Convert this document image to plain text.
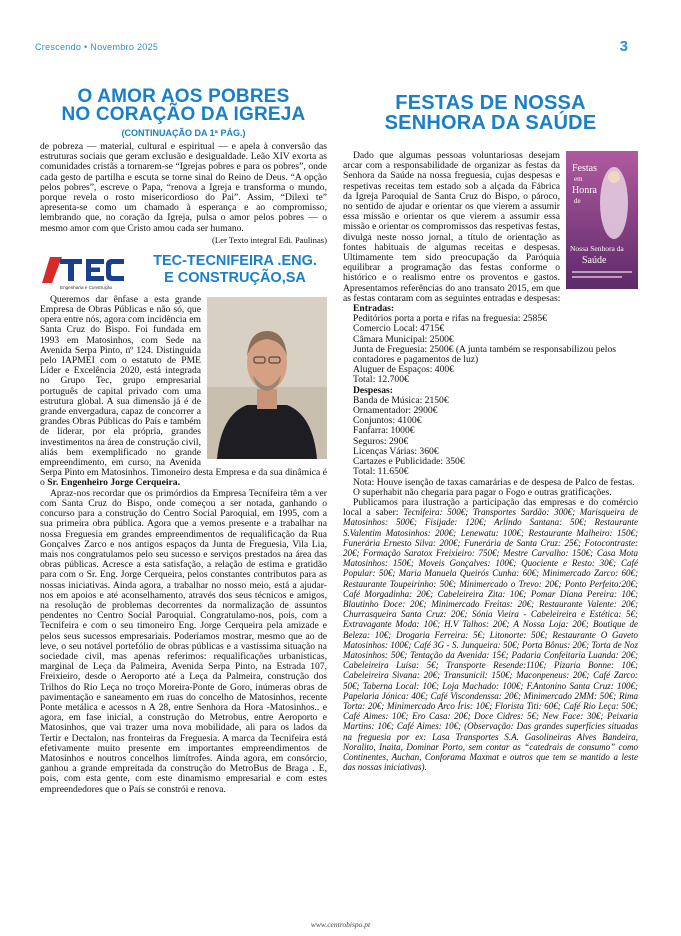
Crescendo • Novembro 2025	3
O AMOR AOS POBRES
NO CORAÇÃO DA IGREJA
(CONTINUAÇÃO DA 1ª PÁG.)

de pobreza — material, cultural e espiritual — e apela à conversão das estruturas sociais que geram exclusão e desigualdade. Leão XIV exorta as comunidades cristãs a tornarem-se “Igrejas pobres e para os pobres”, onde cada gesto de partilha e escuta se torne sinal do Reino de Deus. “A opção pelos pobres”, escreve o Papa, “renova a Igreja e transforma o mundo, porque revela o rosto misericordioso do Pai”. Assim, “Dilexi te” apresenta-se como um chamado à esperança e ao compromisso, lembrando que, no coração da Igreja, pulsa o amor pelos pobres — o mesmo amor com que Cristo amou cada ser humano.

(Ler Texto integral Edi. Paulinas)

Engenharia e Construção
TEC-TECNIFEIRA .ENG.
E CONSTRUÇÃO,SA

Queremos dar ênfase a esta grande Empresa de Obras Públicas e não só, que opera entre nós, agora com incidência em Santa Cruz do Bispo. Foi fundada em 1993 em Matosinhos, com Sede na Avenida Serpa Pinto, nº 124. Distinguida pelo IAPMEI com o estatuto de PME Líder e Excelência 2020, está integrada no Grupo Tec, grupo empresarial português de capital privado com uma estrutura global. A sua dimensão já é de grande envergadura, capaz de concorrer a grandes Obras Públicas do País e também de liderar, por ela própria, grandes investimentos na área de construção civil, aliás bem exemplificado no grande empreendimento, em curso, na Avenida Serpa Pinto em Matosinhos. Timoneiro desta Empresa e da sua dinâmica é o Sr. Engenheiro Jorge Cerqueira.

Apraz-nos recordar que os primórdios da Empresa Tecnifeira têm a ver com Santa Cruz do Bispo, onde começou a ser notada, ganhando o concurso para a construção do Centro Social Paroquial, em 1995, com a sua primeira obra pública. Agora que a vemos presente e a trabalhar na nossa Freguesia em grandes empreendimentos de requalificação da Rua Gonçalves Zarco e nos antigos espaços da Junta de Freguesia, Vila Lia, mais nos congratulamos pelo seu sucesso e serviços prestados na área das obras públicas. Acresce a esta satisfação, a relação de estima e gratidão para com o Sr. Eng. Jorge Cerqueira, pelos constantes contributos para as nossas iniciativas. Ainda agora, a trabalhar no nosso meio, está a ajudar-nos em apoios e até aconselhamento, através dos seus técnicos e amigos, na resolução de problemas decorrentes da normalização de assuntos pendentes no Centro Social Paroquial. Congratulamo-nos, pois, com a Tecnifeira e com o seu timoneiro Eng. Jorge Cerqueira pela amizade e pelos seus sucessos empresariais. Poderíamos mostrar, mesmo que ao de leve, o seu notável portefólio de obras públicas e a vastíssima situação na sociedade civil, mas apenas referimos: requalificações urbanísticas, marginal de Leça da Palmeira, Avenida Serpa Pinto, na Estrada 107, Freixieiro, desde o Aeroporto até a Leça da Palmeira, construção dos Trilhos do Rio Leça no troço Moreira-Ponte de Goro, inúmeras obras de pavimentação e saneamento em ruas do concelho de Matosinhos, recente Ponte metálica e acessos n A 28, entre Senhora da Hora -Matosinhos.. e agora, em fase inicial, a construção do Metrobus, entre Aeroporto e Matosinhos, que vai trazer uma nova mobilidade, ali para os lados da Tertir e Dectalon, nas fronteiras da Freguesia. A marca da Tecnifeira está efetivamente muito presente em importantes empreendimentos de Matosinhos e noutros concelhos limítrofes. Ainda agora, em consórcio, ganhou a grande empreitada da construção do MetroBus de Braga . E, pois, com esta gente, com este dinamismo empresarial e com estes empreendedores que o País se constrói e renova.

FESTAS DE NOSSA
SENHORA DA SAÚDE
Festas
em
Honra
de
Nossa Senhora da
Saúde

Dado que algumas pessoas voluntariosas desejam arcar com a responsabilidade de organizar as festas da Senhora da Saúde na nossa freguesia, cujas despesas e respetivas receitas tem estado sob a alçada da Fábrica da Igreja Paroquial de Santa Cruz do Bispo, o pároco, no sentido de ajudar e orientar os que vierem a assumir essa missão e orientar os que vierem a assumir essa missão e orientar os compromissos das respetivas festas, divulga neste nosso jornal, a título de orientação as fontes habituais de algumas receitas e despesas. Ultimamente tem sido preocupação da Paróquia equilibrar a programação das festas conforme o histórico e o realismo entre os proventos e gastos. Apresentamos referências do ano transato 2015, em que as festas contaram com as seguintes entradas e despesas:

Entradas:

Peditórios porta a porta e rifas na freguesia: 2585€

Comercio Local: 4715€

Câmara Municipal: 2500€

Junta de Freguesia: 2500€ (A junta também se responsabilizou pelos contadores e pagamentos de luz)

Aluguer de Espaços: 400€

Total: 12.700€

Despesas:

Banda de Música: 2150€

Ornamentador: 2900€

Conjuntos: 4100€

Fanfarra: 1000€

Seguros: 290€

Licenças Várias: 360€

Cartazes e Publicidade: 350€

Total: 11.650€

Nota: Houve isenção de taxas camarárias e de despesa de Palco de festas.

O superhabit não chegaria para pagar o Fogo e outras gratificações.

Publicamos para ilustração a participação das empresas e do comércio local a saber: Tecnifeira: 500€; Transportes Sardão: 300€; Marisqueira de Matosinhos: 500€; Fisijade: 120€; Arlindo Santana: 50€; Restaurante S.Valentim Matosinhos: 200€; Lenewatu: 100€; Restaurante Malheiro: 150€; Funerária Ernesto Silva: 200€; Funerária de Santa Cruz: 25€; Fotocontraste: 20€; Formação Saratox Freixieiro: 750€; Mestre Carvalho: 150€; Casa Mota Matosinhos: 150€; Moveis Gonçalves: 100€; Quociente e Resto: 30€; Café Popular: 50€; Maria Manuela Queirós Cunha: 60€; Minimercado Zarco: 60€; Restaurante Toupeirinho: 50€; Minimercado o Trevo: 20€; Ponto Perfeito:20€; Café Morgadinha: 20€; Cabeleireira Zita: 10€; Pomar Diana Pereira: 10€; Blautinho Doce: 20€; Minimercado Freitas: 20€; Restaurante Valente: 20€; Churrasqueira Santa Cruz: 20€; Sónia Vieira - Cabeleireira e Estética: 5€; Extravagante Moda: 10€; H.V Talhos: 20€; A Nossa Loja: 20€; Boutique de Beleza: 10€; Drogaria Ferreira: 5€; Litonorte: 50€; Restaurante O Gaveto Matosinhos: 100€; Café 3G - S. Junqueira: 50€; Porta Bônus: 20€; Torta de Noz Matosinhos: 50€; Tentação da Avenida: 15€; Padaria Confeitaria Luanda: 20€; Cabeleireira Luísa: 5€; Transporte Resende:110€; Pizaria Bonne: 10€; Cabeleireira Sivana: 20€; Transunicil: 150€; Maconpeneus: 20€; Café Zarco: 50€; Taberna Local: 10€; Loja Machado: 100€; F.Antonino Santa Cruz: 100€; Papelaria Jónica: 40€; Café Viscondenssa: 20€; Minimercado 2MM: 50€; Rima Torta: 20€; Minimercado Arco Íris: 10€; Florista Titi: 60€; Café Rio Leça: 50€; Café Aimes: 10€; Ero Casa: 20€; Doce Cidres: 5€; New Face: 30€; Peixaria Martins: 10€; Café Aimes: 10€; (Observação: Das grandes superfícies situadas na freguesia por ex: Lasa Transportes S.A. Gasolineiras Alves Bandeira, Noralito, Inaita, Dominar Porto, sem contar as “catedrais de consumo” como Continentes, Auchan, Conforama Maxmat e outros que tem se mantido a leste das nossas iniciativas).

www.centrobispo.pt
